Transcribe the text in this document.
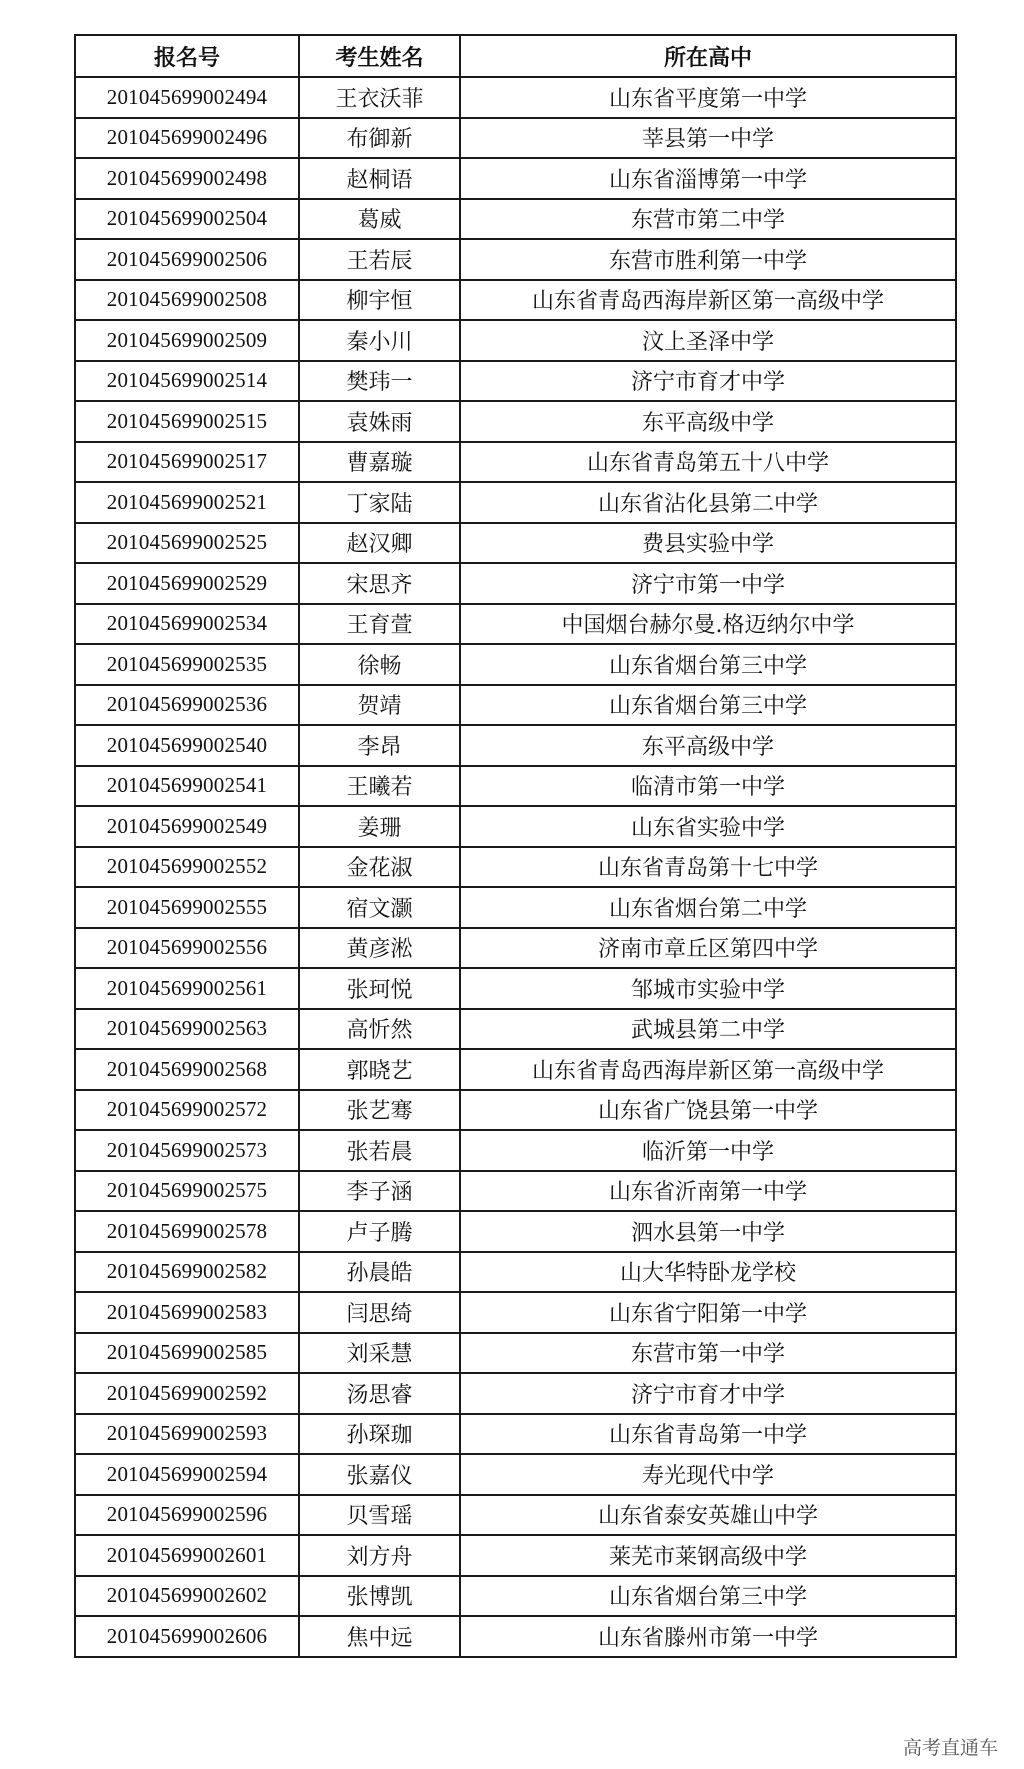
报名号	考生姓名	所在高中
201045699002494	王衣沃菲	山东省平度第一中学
201045699002496	布御新	莘县第一中学
201045699002498	赵桐语	山东省淄博第一中学
201045699002504	葛威	东营市第二中学
201045699002506	王若辰	东营市胜利第一中学
201045699002508	柳宇恒	山东省青岛西海岸新区第一高级中学
201045699002509	秦小川	汶上圣泽中学
201045699002514	樊玮一	济宁市育才中学
201045699002515	袁姝雨	东平高级中学
201045699002517	曹嘉璇	山东省青岛第五十八中学
201045699002521	丁家陆	山东省沾化县第二中学
201045699002525	赵汉卿	费县实验中学
201045699002529	宋思齐	济宁市第一中学
201045699002534	王育萱	中国烟台赫尔曼.格迈纳尔中学
201045699002535	徐畅	山东省烟台第三中学
201045699002536	贺靖	山东省烟台第三中学
201045699002540	李昂	东平高级中学
201045699002541	王曦若	临清市第一中学
201045699002549	姜珊	山东省实验中学
201045699002552	金花淑	山东省青岛第十七中学
201045699002555	宿文灏	山东省烟台第二中学
201045699002556	黄彦淞	济南市章丘区第四中学
201045699002561	张珂悦	邹城市实验中学
201045699002563	高忻然	武城县第二中学
201045699002568	郭晓艺	山东省青岛西海岸新区第一高级中学
201045699002572	张艺骞	山东省广饶县第一中学
201045699002573	张若晨	临沂第一中学
201045699002575	李子涵	山东省沂南第一中学
201045699002578	卢子腾	泗水县第一中学
201045699002582	孙晨皓	山大华特卧龙学校
201045699002583	闫思绮	山东省宁阳第一中学
201045699002585	刘采慧	东营市第一中学
201045699002592	汤思睿	济宁市育才中学
201045699002593	孙琛珈	山东省青岛第一中学
201045699002594	张嘉仪	寿光现代中学
201045699002596	贝雪瑶	山东省泰安英雄山中学
201045699002601	刘方舟	莱芜市莱钢高级中学
201045699002602	张博凯	山东省烟台第三中学
201045699002606	焦中远	山东省滕州市第一中学
高考直通车
